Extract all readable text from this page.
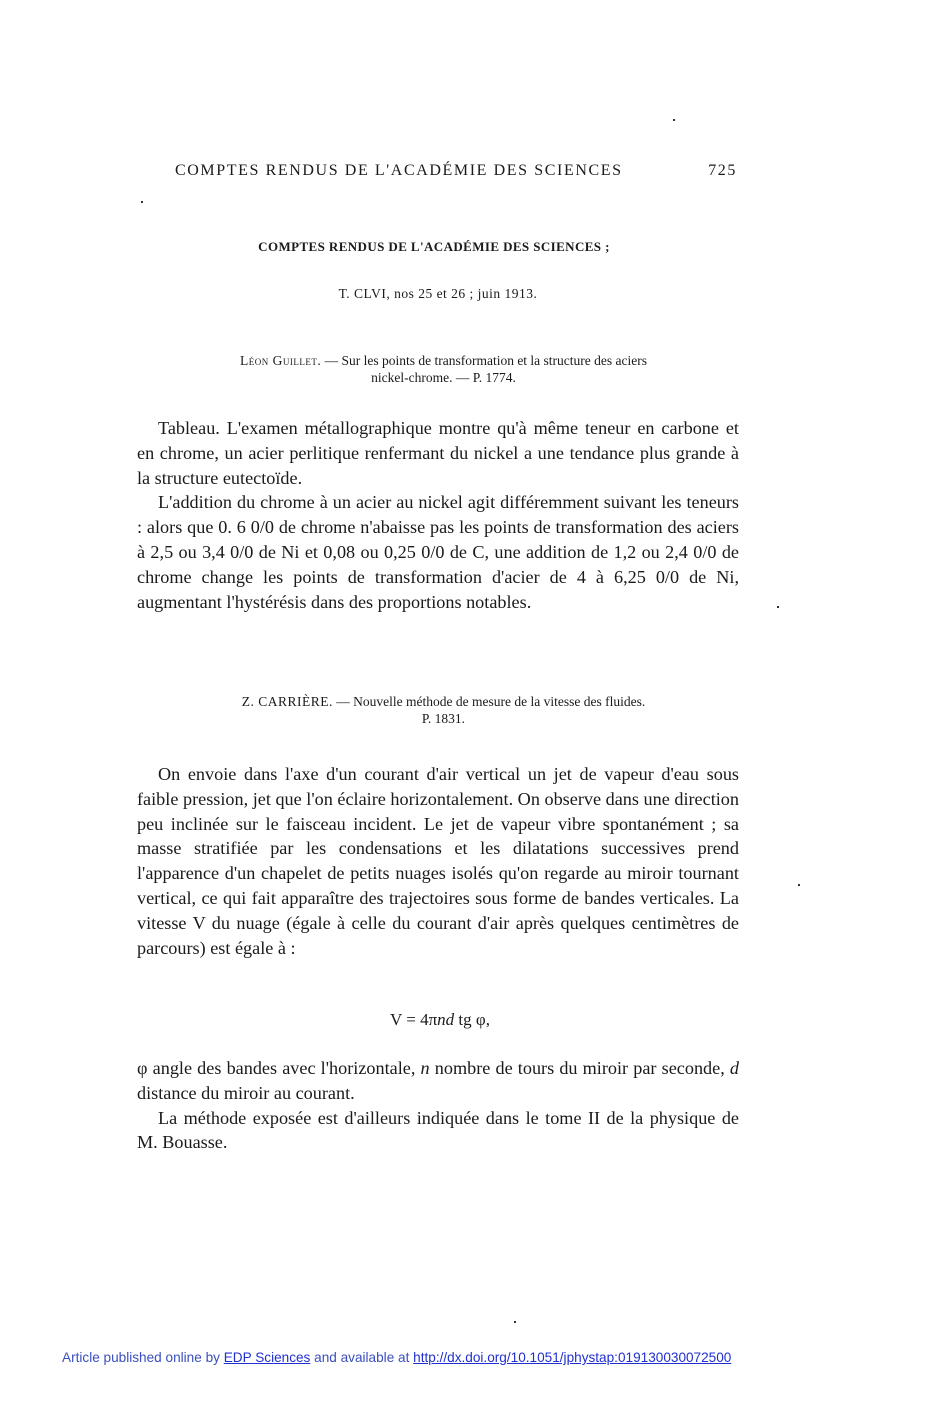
COMPTES RENDUS DE L'ACADÉMIE DES SCIENCES	725
COMPTES RENDUS DE L'ACADÉMIE DES SCIENCES ;
T. CLVI, nos 25 et 26 ; juin 1913.
Léon Guillet. — Sur les points de transformation et la structure des aciers
nickel-chrome. — P. 1774.

Tableau. L'examen métallographique montre qu'à même teneur en carbone et en chrome, un acier perlitique renfermant du nickel a une tendance plus grande à la structure eutectoïde.

L'addition du chrome à un acier au nickel agit différemment suivant les teneurs : alors que 0. 6 0/0 de chrome n'abaisse pas les points de transformation des aciers à 2,5 ou 3,4 0/0 de Ni et 0,08 ou 0,25 0/0 de C, une addition de 1,2 ou 2,4 0/0 de chrome change les points de transformation d'acier de 4 à 6,25 0/0 de Ni, augmentant l'hystérésis dans des proportions notables.

Z. CARRIÈRE. — Nouvelle méthode de mesure de la vitesse des fluides.
P. 1831.

On envoie dans l'axe d'un courant d'air vertical un jet de vapeur d'eau sous faible pression, jet que l'on éclaire horizontalement. On observe dans une direction peu inclinée sur le faisceau incident. Le jet de vapeur vibre spontanément ; sa masse stratifiée par les condensations et les dilatations successives prend l'apparence d'un chapelet de petits nuages isolés qu'on regarde au miroir tournant vertical, ce qui fait apparaître des trajectoires sous forme de bandes verticales. La vitesse V du nuage (égale à celle du courant d'air après quelques centimètres de parcours) est égale à :

V = 4πnd tg φ,

φ angle des bandes avec l'horizontale, n nombre de tours du miroir par seconde, d distance du miroir au courant.

La méthode exposée est d'ailleurs indiquée dans le tome II de la physique de M. Bouasse.

Article published online by EDP Sciences and available at http://dx.doi.org/10.1051/jphystap:019130030072500
